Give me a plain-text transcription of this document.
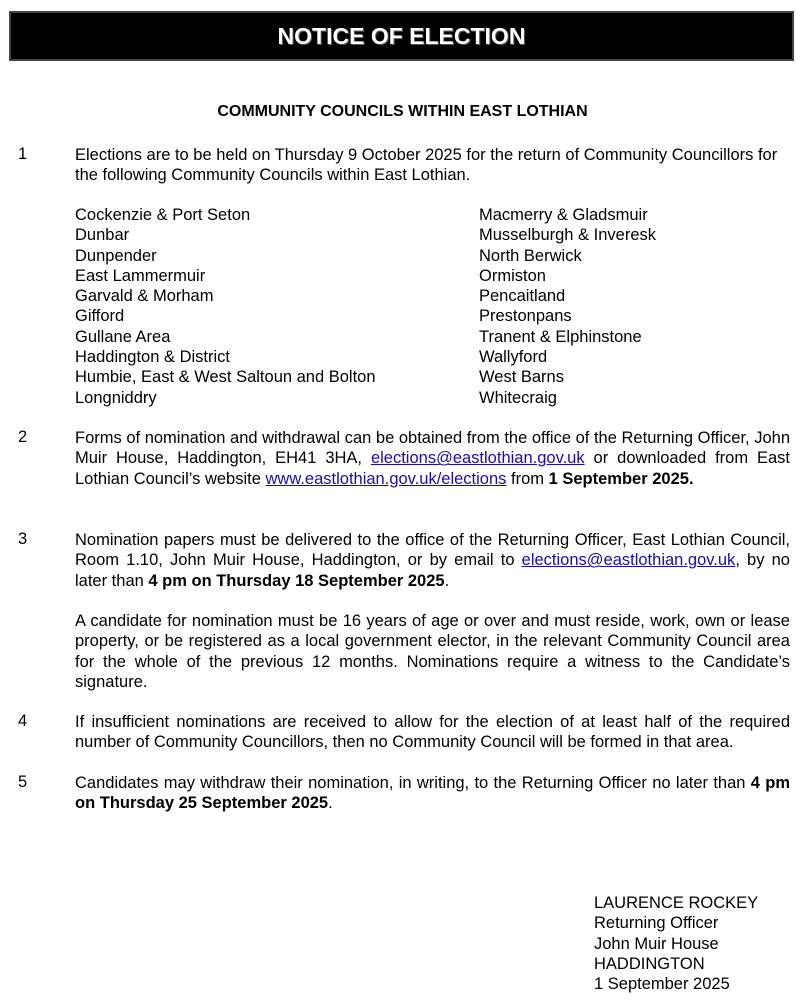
NOTICE OF ELECTION
COMMUNITY COUNCILS WITHIN EAST LOTHIAN
1	Elections are to be held on Thursday 9 October 2025 for the return of Community Councillors for the following Community Councils within East Lothian.
Cockenzie & Port Seton
Dunbar
Dunpender
East Lammermuir
Garvald & Morham
Gifford
Gullane Area
Haddington & District
Humbie, East & West Saltoun and Bolton
Longniddry
Macmerry & Gladsmuir
Musselburgh & Inveresk
North Berwick
Ormiston
Pencaitland
Prestonpans
Tranent & Elphinstone
Wallyford
West Barns
Whitecraig
2	Forms of nomination and withdrawal can be obtained from the office of the Returning Officer, John Muir House, Haddington, EH41 3HA, elections@eastlothian.gov.uk or downloaded from East Lothian Council’s website www.eastlothian.gov.uk/elections from 1 September 2025.
3	Nomination papers must be delivered to the office of the Returning Officer, East Lothian Council, Room 1.10, John Muir House, Haddington, or by email to elections@eastlothian.gov.uk, by no later than 4 pm on Thursday 18 September 2025.
A candidate for nomination must be 16 years of age or over and must reside, work, own or lease property, or be registered as a local government elector, in the relevant Community Council area for the whole of the previous 12 months. Nominations require a witness to the Candidate’s signature.
4	If insufficient nominations are received to allow for the election of at least half of the required number of Community Councillors, then no Community Council will be formed in that area.
5	Candidates may withdraw their nomination, in writing, to the Returning Officer no later than 4 pm on Thursday 25 September 2025.
LAURENCE ROCKEY
Returning Officer
John Muir House
HADDINGTON
1 September 2025
